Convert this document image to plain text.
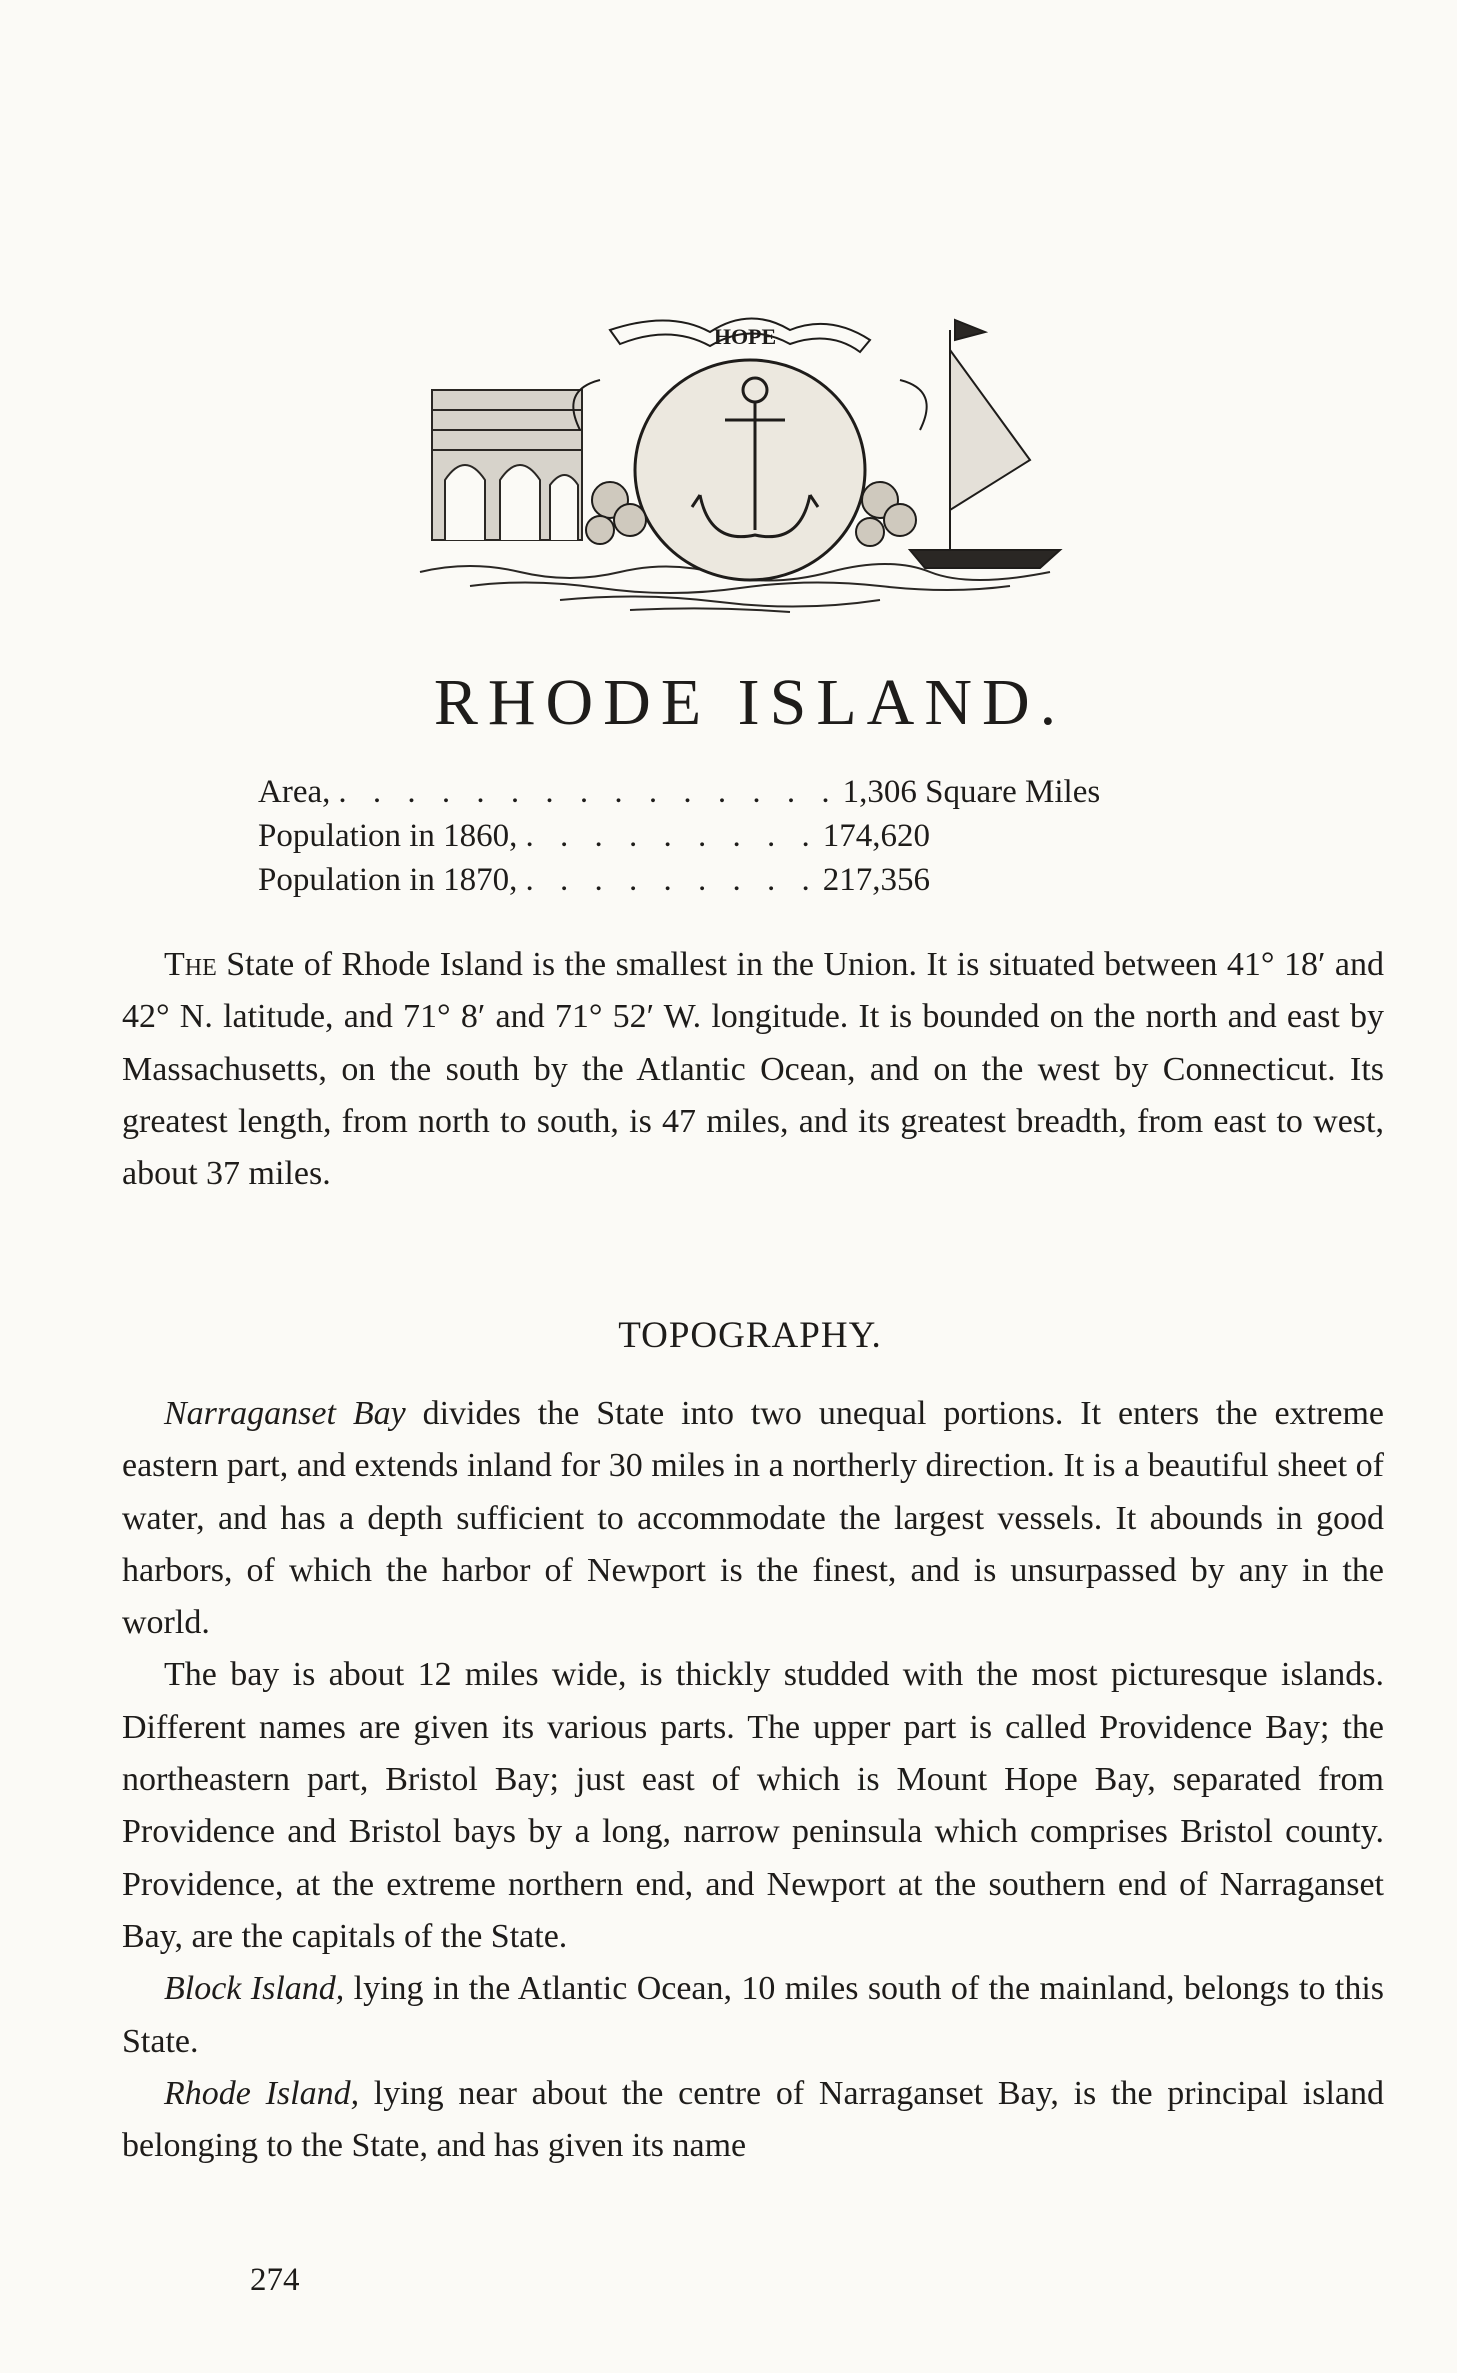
HOPE
RHODE ISLAND.
Area, . . . . . . . . . . . . . . . 1,306 Square Miles
Population in 1860, . . . . . . . . . 174,620
Population in 1870, . . . . . . . . . 217,356

The State of Rhode Island is the smallest in the Union. It is situated between 41° 18′ and 42° N. latitude, and 71° 8′ and 71° 52′ W. longitude. It is bounded on the north and east by Massachusetts, on the south by the Atlantic Ocean, and on the west by Connecticut. Its greatest length, from north to south, is 47 miles, and its greatest breadth, from east to west, about 37 miles.

TOPOGRAPHY.

Narraganset Bay divides the State into two unequal portions. It enters the extreme eastern part, and extends inland for 30 miles in a northerly direction. It is a beautiful sheet of water, and has a depth sufficient to accommodate the largest vessels. It abounds in good harbors, of which the harbor of Newport is the finest, and is unsurpassed by any in the world.

The bay is about 12 miles wide, is thickly studded with the most picturesque islands. Different names are given its various parts. The upper part is called Providence Bay; the northeastern part, Bristol Bay; just east of which is Mount Hope Bay, separated from Providence and Bristol bays by a long, narrow peninsula which comprises Bristol county. Providence, at the extreme northern end, and Newport at the southern end of Narraganset Bay, are the capitals of the State.

Block Island, lying in the Atlantic Ocean, 10 miles south of the mainland, belongs to this State.

Rhode Island, lying near about the centre of Narraganset Bay, is the principal island belonging to the State, and has given its name

274
